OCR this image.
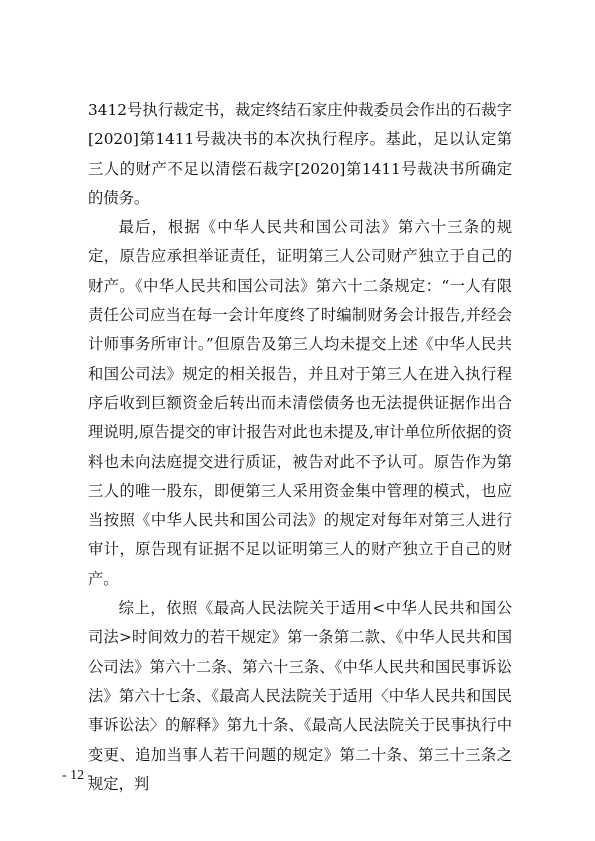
3412号执行裁定书，裁定终结石家庄仲裁委员会作出的石裁字[2020]第1411号裁决书的本次执行程序。基此，足以认定第三人的财产不足以清偿石裁字[2020]第1411号裁决书所确定的债务。

最后，根据《中华人民共和国公司法》第六十三条的规定，原告应承担举证责任，证明第三人公司财产独立于自己的财产。《中华人民共和国公司法》第六十二条规定：“一人有限责任公司应当在每一会计年度终了时编制财务会计报告,并经会计师事务所审计。”但原告及第三人均未提交上述《中华人民共和国公司法》规定的相关报告，并且对于第三人在进入执行程序后收到巨额资金后转出而未清偿债务也无法提供证据作出合理说明,原告提交的审计报告对此也未提及,审计单位所依据的资料也未向法庭提交进行质证，被告对此不予认可。原告作为第三人的唯一股东，即便第三人采用资金集中管理的模式，也应当按照《中华人民共和国公司法》的规定对每年对第三人进行审计，原告现有证据不足以证明第三人的财产独立于自己的财产。

综上，依照《最高人民法院关于适用<中华人民共和国公司法>时间效力的若干规定》第一条第二款、《中华人民共和国公司法》第六十二条、第六十三条、《中华人民共和国民事诉讼法》第六十七条、《最高人民法院关于适用〈中华人民共和国民事诉讼法〉的解释》第九十条、《最高人民法院关于民事执行中变更、追加当事人若干问题的规定》第二十条、第三十三条之规定，判

- 12 -
